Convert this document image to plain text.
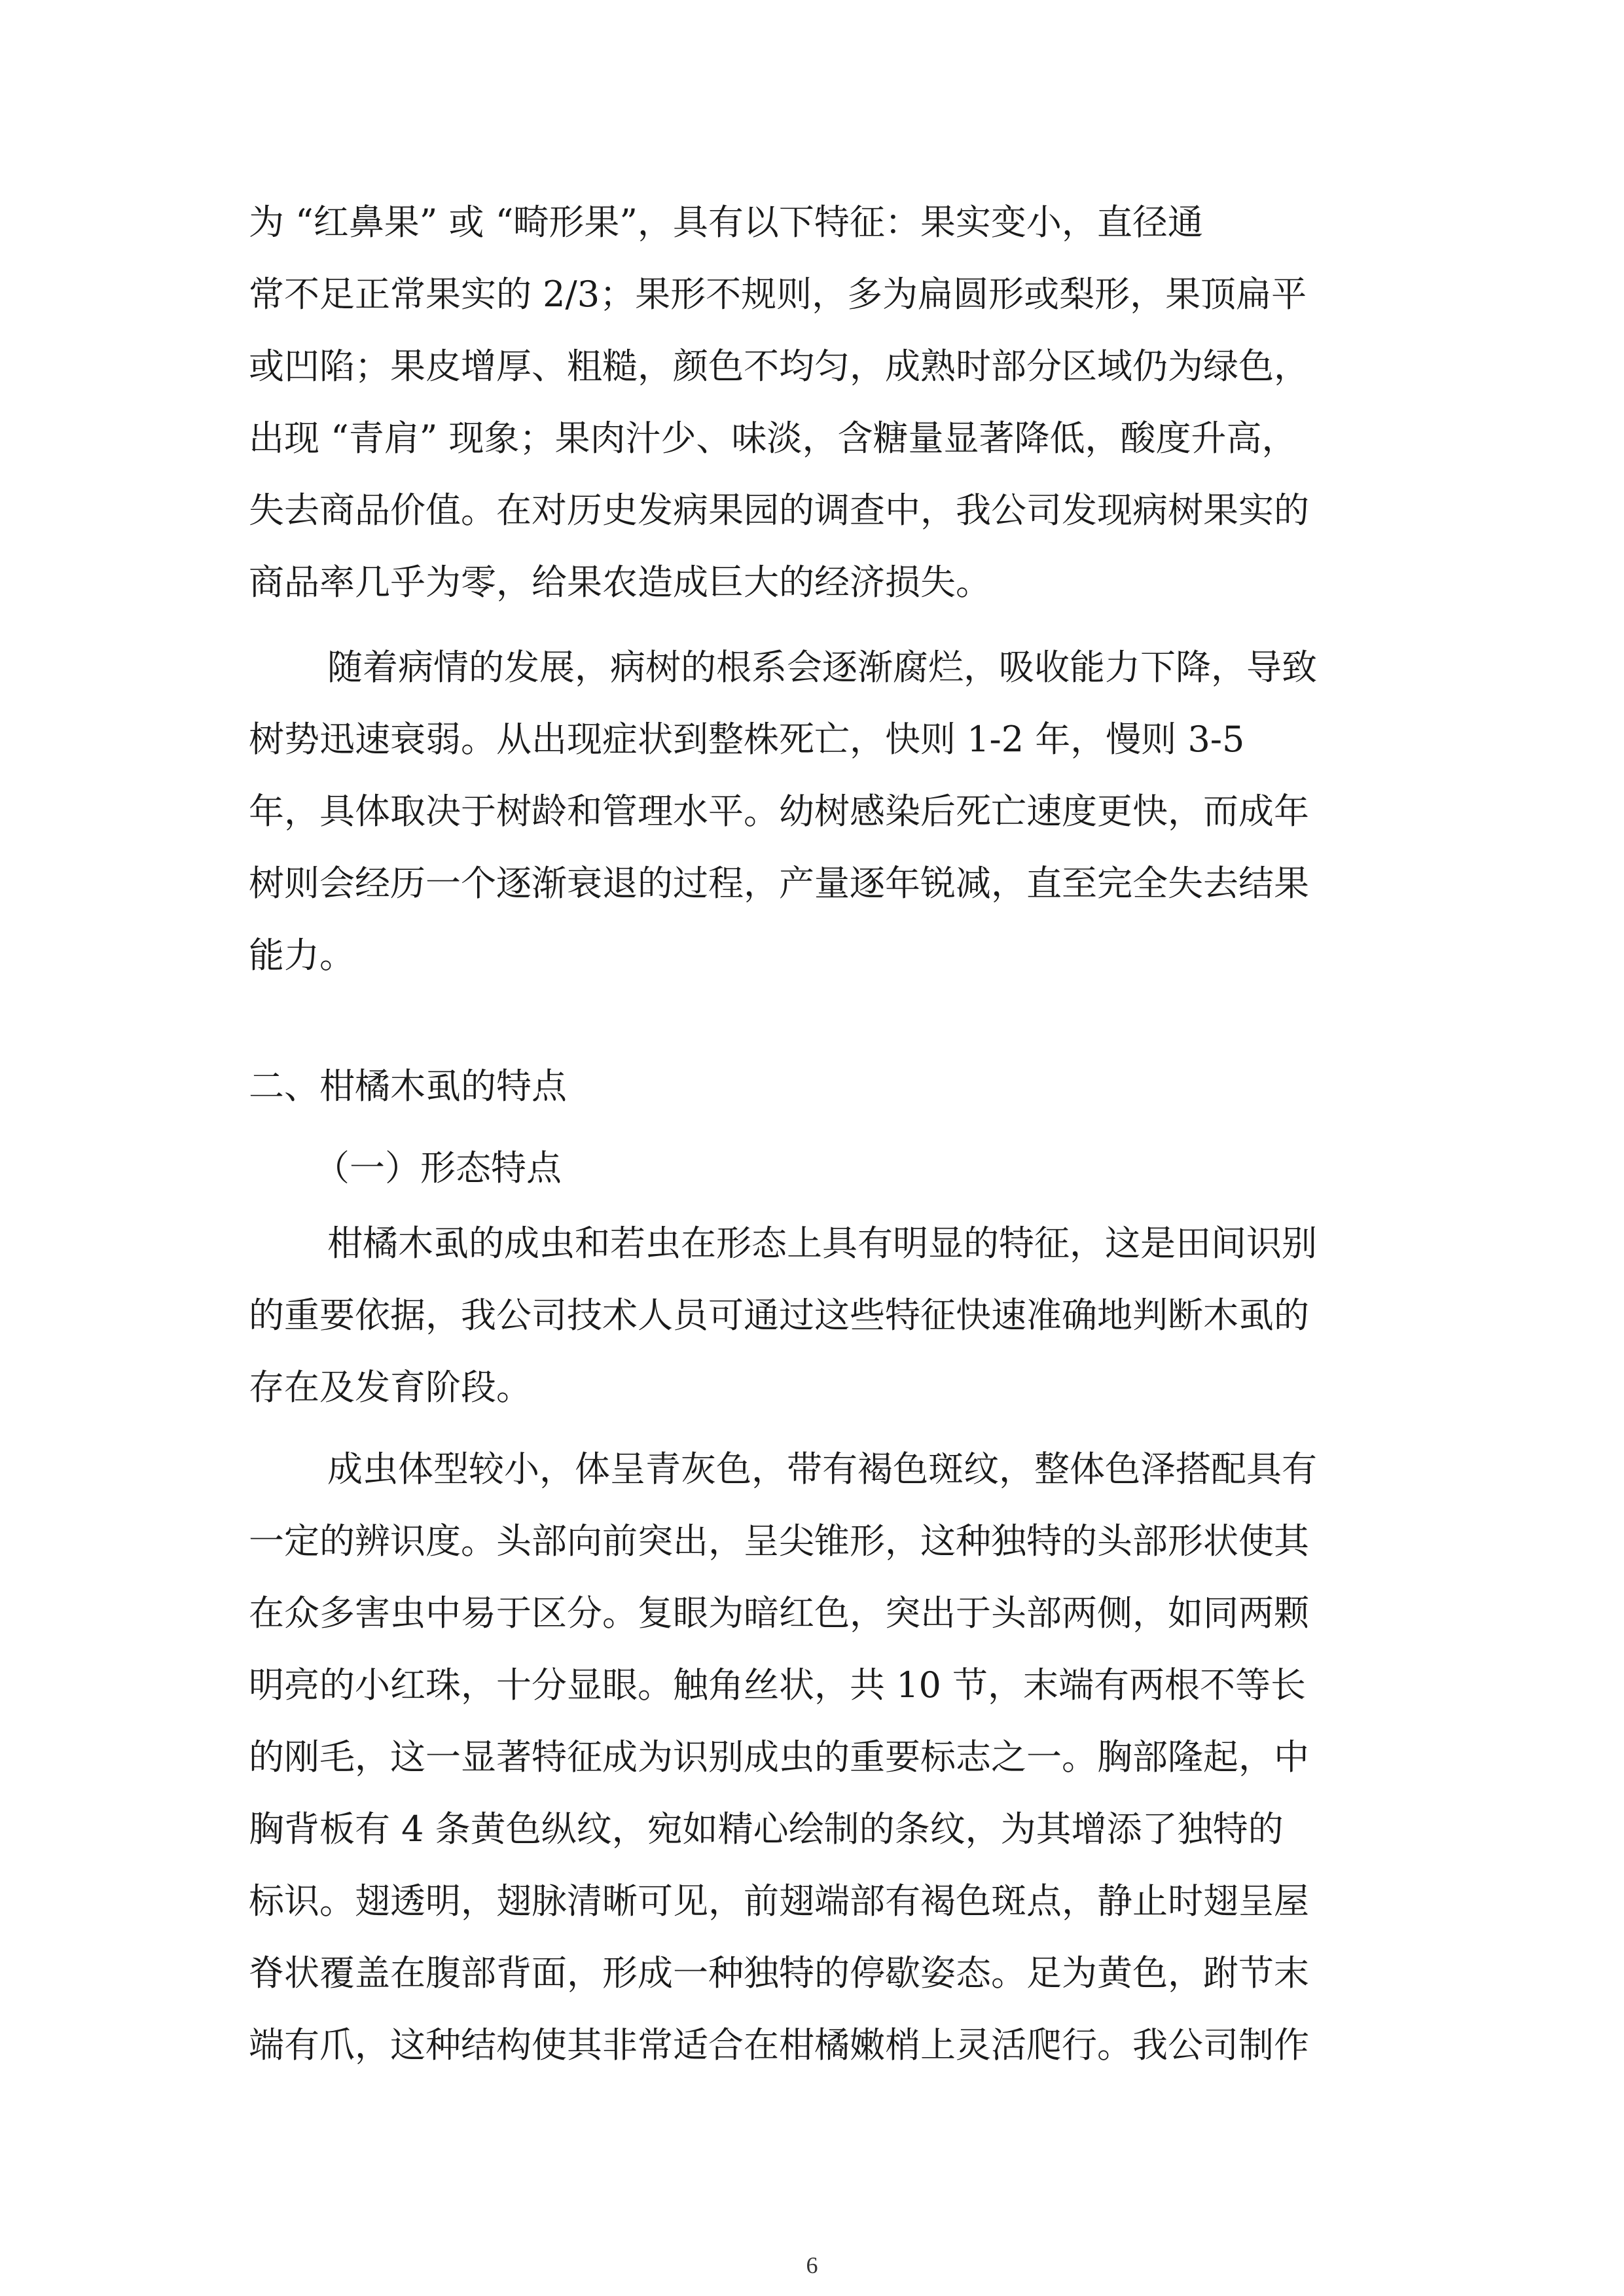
为 “红鼻果” 或 “畸形果”，具有以下特征：果实变小，直径通
常不足正常果实的 2/3；果形不规则，多为扁圆形或梨形，果顶扁平
或凹陷；果皮增厚、粗糙，颜色不均匀，成熟时部分区域仍为绿色，
出现 “青肩” 现象；果肉汁少、味淡，含糖量显著降低，酸度升高，
失去商品价值。在对历史发病果园的调查中，我公司发现病树果实的
商品率几乎为零，给果农造成巨大的经济损失。
随着病情的发展，病树的根系会逐渐腐烂，吸收能力下降，导致
树势迅速衰弱。从出现症状到整株死亡，快则 1-2 年，慢则 3-5
年，具体取决于树龄和管理水平。幼树感染后死亡速度更快，而成年
树则会经历一个逐渐衰退的过程，产量逐年锐减，直至完全失去结果
能力。
二、柑橘木虱的特点
（一）形态特点
柑橘木虱的成虫和若虫在形态上具有明显的特征，这是田间识别
的重要依据，我公司技术人员可通过这些特征快速准确地判断木虱的
存在及发育阶段。
成虫体型较小，体呈青灰色，带有褐色斑纹，整体色泽搭配具有
一定的辨识度。头部向前突出，呈尖锥形，这种独特的头部形状使其
在众多害虫中易于区分。复眼为暗红色，突出于头部两侧，如同两颗
明亮的小红珠，十分显眼。触角丝状，共 10 节，末端有两根不等长
的刚毛，这一显著特征成为识别成虫的重要标志之一。胸部隆起，中
胸背板有 4 条黄色纵纹，宛如精心绘制的条纹，为其增添了独特的
标识。翅透明，翅脉清晰可见，前翅端部有褐色斑点，静止时翅呈屋
脊状覆盖在腹部背面，形成一种独特的停歇姿态。足为黄色，跗节末
端有爪，这种结构使其非常适合在柑橘嫩梢上灵活爬行。我公司制作
6
